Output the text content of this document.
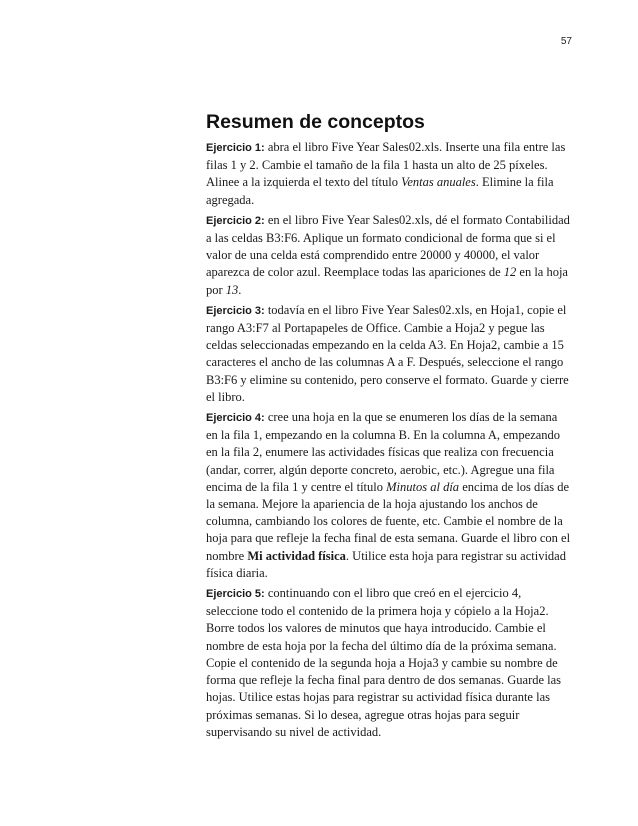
57
Resumen de conceptos

Ejercicio 1: abra el libro Five Year Sales02.xls. Inserte una fila entre las filas 1 y 2. Cambie el tamaño de la fila 1 hasta un alto de 25 píxeles. Alinee a la izquierda el texto del título Ventas anuales. Elimine la fila agregada.

Ejercicio 2: en el libro Five Year Sales02.xls, dé el formato Contabilidad a las celdas B3:F6. Aplique un formato condicional de forma que si el valor de una celda está comprendido entre 20000 y 40000, el valor aparezca de color azul. Reemplace todas las apariciones de 12 en la hoja por 13.

Ejercicio 3: todavía en el libro Five Year Sales02.xls, en Hoja1, copie el rango A3:F7 al Portapapeles de Office. Cambie a Hoja2 y pegue las celdas seleccionadas empezando en la celda A3. En Hoja2, cambie a 15 caracteres el ancho de las columnas A a F. Después, seleccione el rango B3:F6 y elimine su contenido, pero conserve el formato. Guarde y cierre el libro.

Ejercicio 4: cree una hoja en la que se enumeren los días de la semana en la fila 1, empezando en la columna B. En la columna A, empezando en la fila 2, enumere las actividades físicas que realiza con frecuencia (andar, correr, algún deporte concreto, aerobic, etc.). Agregue una fila encima de la fila 1 y centre el título Minutos al día encima de los días de la semana. Mejore la apariencia de la hoja ajustando los anchos de columna, cambiando los colores de fuente, etc. Cambie el nombre de la hoja para que refleje la fecha final de esta semana. Guarde el libro con el nombre Mi actividad física. Utilice esta hoja para registrar su actividad física diaria.

Ejercicio 5: continuando con el libro que creó en el ejercicio 4, seleccione todo el contenido de la primera hoja y cópielo a la Hoja2. Borre todos los valores de minutos que haya introducido. Cambie el nombre de esta hoja por la fecha del último día de la próxima semana. Copie el contenido de la segunda hoja a Hoja3 y cambie su nombre de forma que refleje la fecha final para dentro de dos semanas. Guarde las hojas. Utilice estas hojas para registrar su actividad física durante las próximas semanas. Si lo desea, agregue otras hojas para seguir supervisando su nivel de actividad.
